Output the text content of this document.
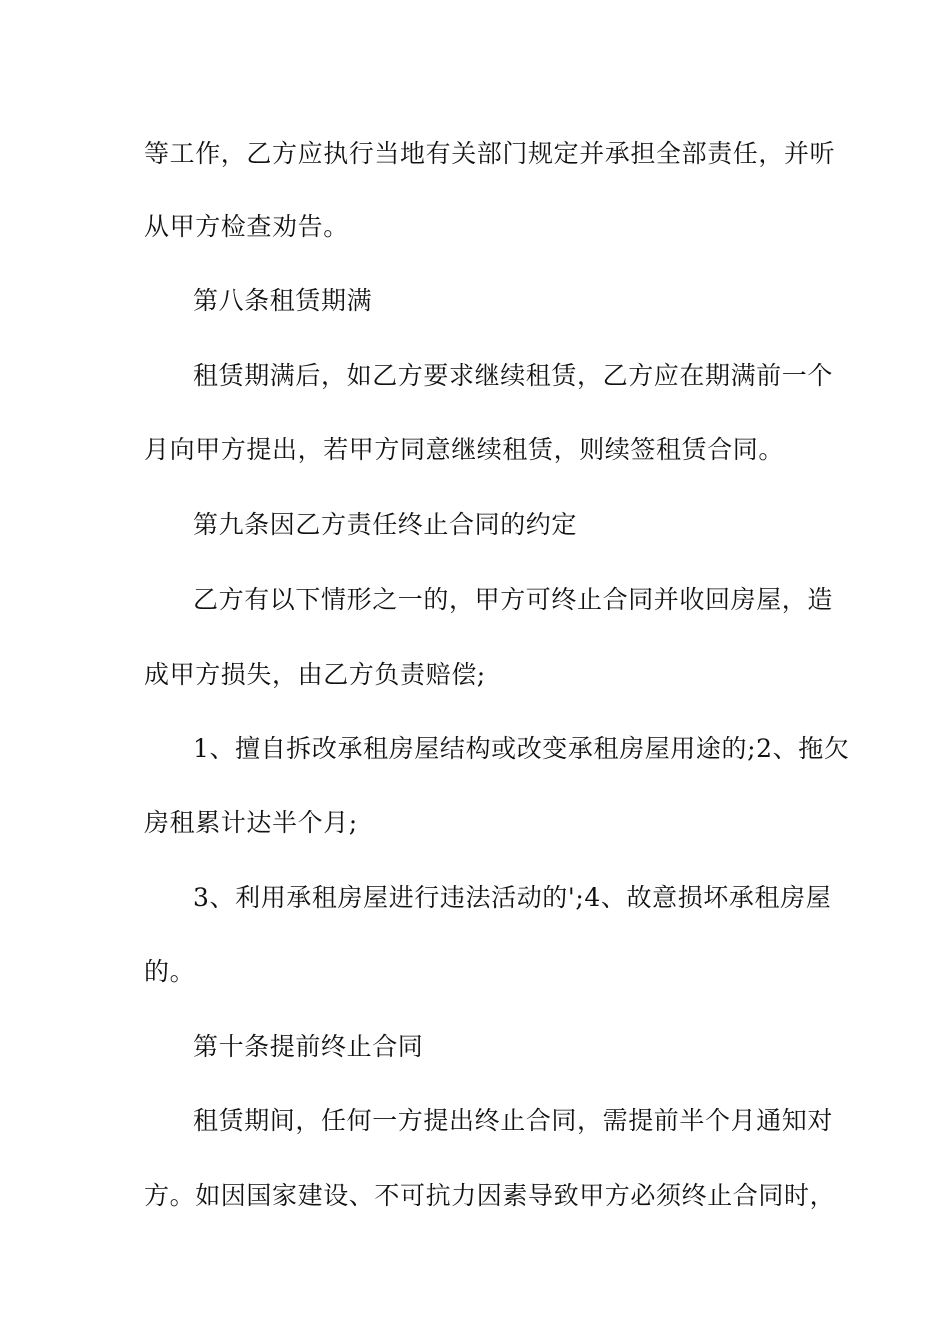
等工作，乙方应执行当地有关部门规定并承担全部责任，并听
从甲方检查劝告。
第八条租赁期满
租赁期满后，如乙方要求继续租赁，乙方应在期满前一个
月向甲方提出，若甲方同意继续租赁，则续签租赁合同。
第九条因乙方责任终止合同的约定
乙方有以下情形之一的，甲方可终止合同并收回房屋，造
成甲方损失，由乙方负责赔偿;
1、擅自拆改承租房屋结构或改变承租房屋用途的;2、拖欠
房租累计达半个月;
3、利用承租房屋进行违法活动的';4、故意损坏承租房屋
的。
第十条提前终止合同
租赁期间，任何一方提出终止合同，需提前半个月通知对
方。如因国家建设、不可抗力因素导致甲方必须终止合同时，
